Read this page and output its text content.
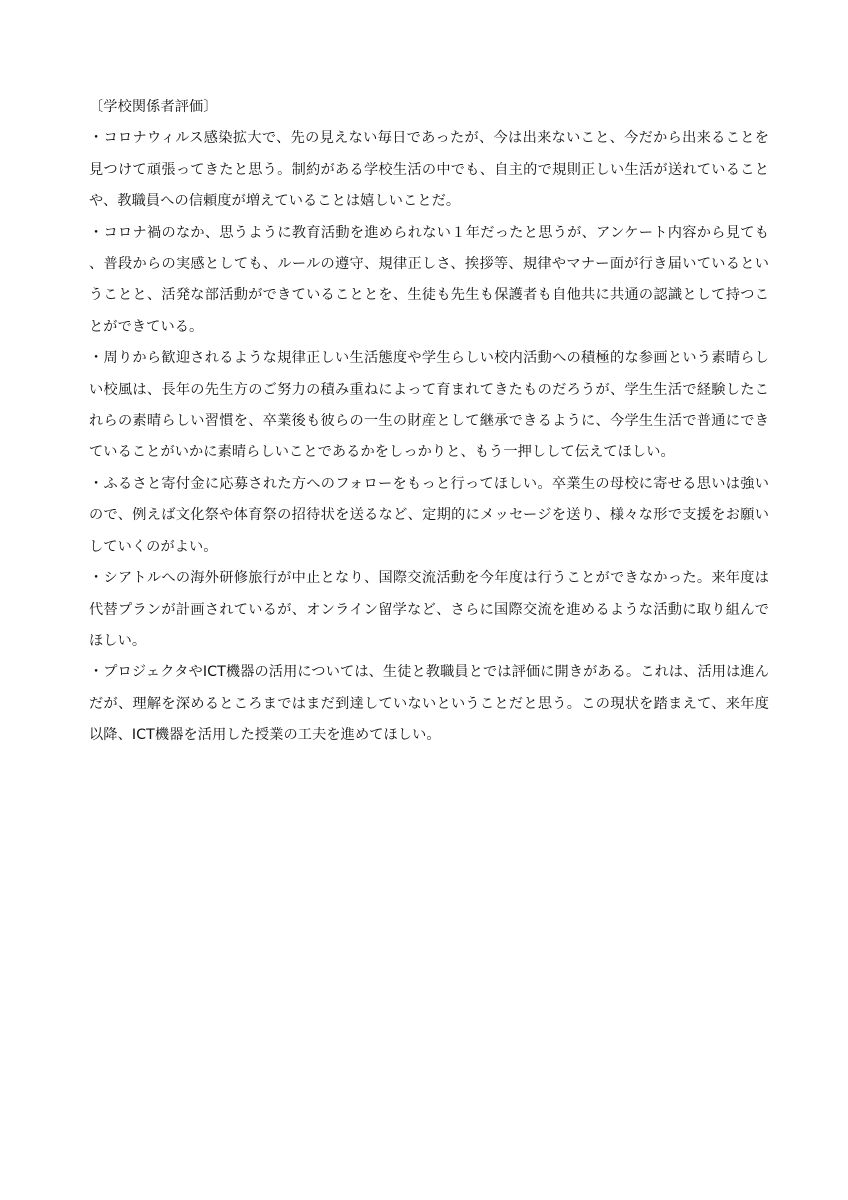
〔学校関係者評価〕

・コロナウィルス感染拡大で、先の見えない毎日であったが、今は出来ないこと、今だから出来ることを見つけて頑張ってきたと思う。制約がある学校生活の中でも、自主的で規則正しい生活が送れていることや、教職員への信頼度が増えていることは嬉しいことだ。

・コロナ禍のなか、思うように教育活動を進められない１年だったと思うが、アンケート内容から見ても、普段からの実感としても、ルールの遵守、規律正しさ、挨拶等、規律やマナー面が行き届いているということと、活発な部活動ができていることとを、生徒も先生も保護者も自他共に共通の認識として持つことができている。

・周りから歓迎されるような規律正しい生活態度や学生らしい校内活動への積極的な参画という素晴らしい校風は、長年の先生方のご努力の積み重ねによって育まれてきたものだろうが、学生生活で経験したこれらの素晴らしい習慣を、卒業後も彼らの一生の財産として継承できるように、今学生生活で普通にできていることがいかに素晴らしいことであるかをしっかりと、もう一押しして伝えてほしい。

・ふるさと寄付金に応募された方へのフォローをもっと行ってほしい。卒業生の母校に寄せる思いは強いので、例えば文化祭や体育祭の招待状を送るなど、定期的にメッセージを送り、様々な形で支援をお願いしていくのがよい。

・シアトルへの海外研修旅行が中止となり、国際交流活動を今年度は行うことができなかった。来年度は代替プランが計画されているが、オンライン留学など、さらに国際交流を進めるような活動に取り組んでほしい。

・プロジェクタやICT機器の活用については、生徒と教職員とでは評価に開きがある。これは、活用は進んだが、理解を深めるところまではまだ到達していないということだと思う。この現状を踏まえて、来年度以降、ICT機器を活用した授業の工夫を進めてほしい。
